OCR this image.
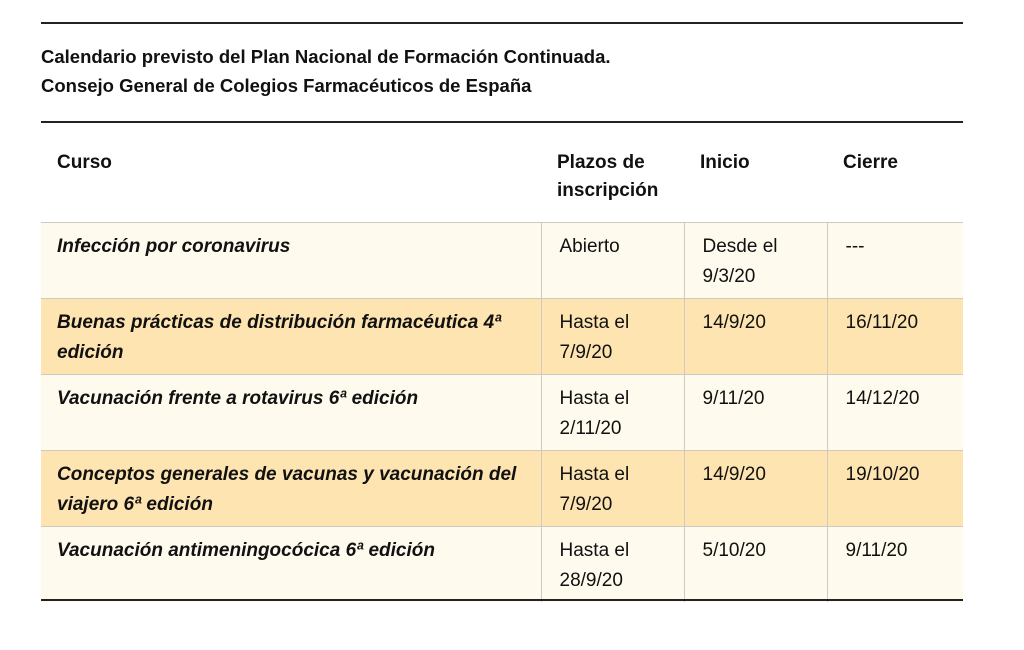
Calendario previsto del Plan Nacional de Formación Continuada.
Consejo General de Colegios Farmacéuticos de España
Curso	Plazos de inscripción	Inicio	Cierre
Infección por coronavirus	Abierto	Desde el 9/3/20	---
Buenas prácticas de distribución farmacéutica 4ª edición	Hasta el 7/9/20	14/9/20	16/11/20
Vacunación frente a rotavirus 6ª edición	Hasta el 2/11/20	9/11/20	14/12/20
Conceptos generales de vacunas y vacunación del viajero 6ª edición	Hasta el 7/9/20	14/9/20	19/10/20
Vacunación antimeningocócica 6ª edición	Hasta el 28/9/20	5/10/20	9/11/20
